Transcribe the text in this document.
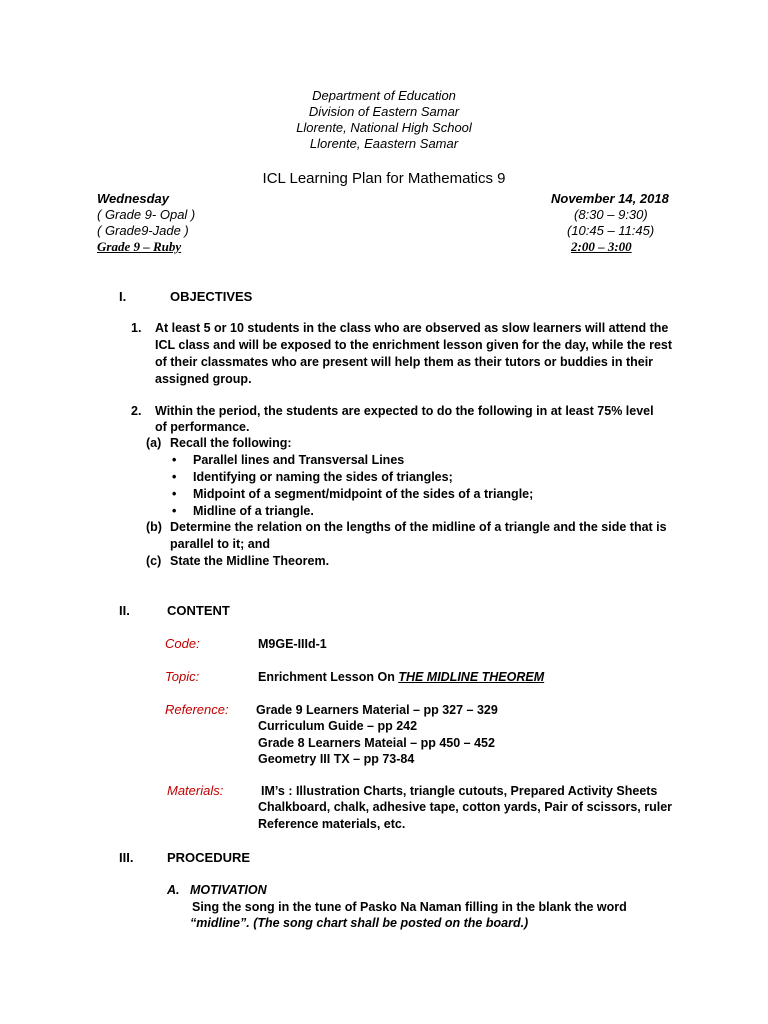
Department of Education
Division of Eastern Samar
Llorente, National High School
Llorente, Eaastern Samar
ICL Learning Plan for Mathematics 9
Wednesday	November 14, 2018
( Grade 9- Opal )	(8:30 – 9:30)
( Grade9-Jade )	(10:45 – 11:45)
Grade 9 – Ruby	2:00 – 3:00
I.	OBJECTIVES
1. At least 5 or 10 students in the class who are observed as slow learners will attend the
ICL class and will be exposed to the enrichment lesson given for the day, while the rest
of their classmates who are present will help them as their tutors or buddies in their
assigned group.
2. Within the period, the students are expected to do the following in at least 75% level
of performance.
(a) Recall the following:
• Parallel lines and Transversal Lines
• Identifying or naming the sides of triangles;
• Midpoint of a segment/midpoint of the sides of a triangle;
• Midline of a triangle.
(b) Determine the relation on the lengths of the midline of a triangle and the side that is
parallel to it; and
(c) State the Midline Theorem.
II.	CONTENT
Code:	M9GE-IIId-1
Topic:	Enrichment Lesson On THE MIDLINE THEOREM
Reference: Grade 9 Learners Material – pp 327 – 329
Curriculum Guide – pp 242
Grade 8 Learners Mateial – pp 450 – 452
Geometry III TX – pp 73-84
Materials:	IM’s : Illustration Charts, triangle cutouts, Prepared Activity Sheets
Chalkboard, chalk, adhesive tape, cotton yards, Pair of scissors, ruler
Reference materials, etc.
III.	PROCEDURE
A. MOTIVATION
Sing the song in the tune of Pasko Na Naman filling in the blank the word
“midline”. (The song chart shall be posted on the board.)
